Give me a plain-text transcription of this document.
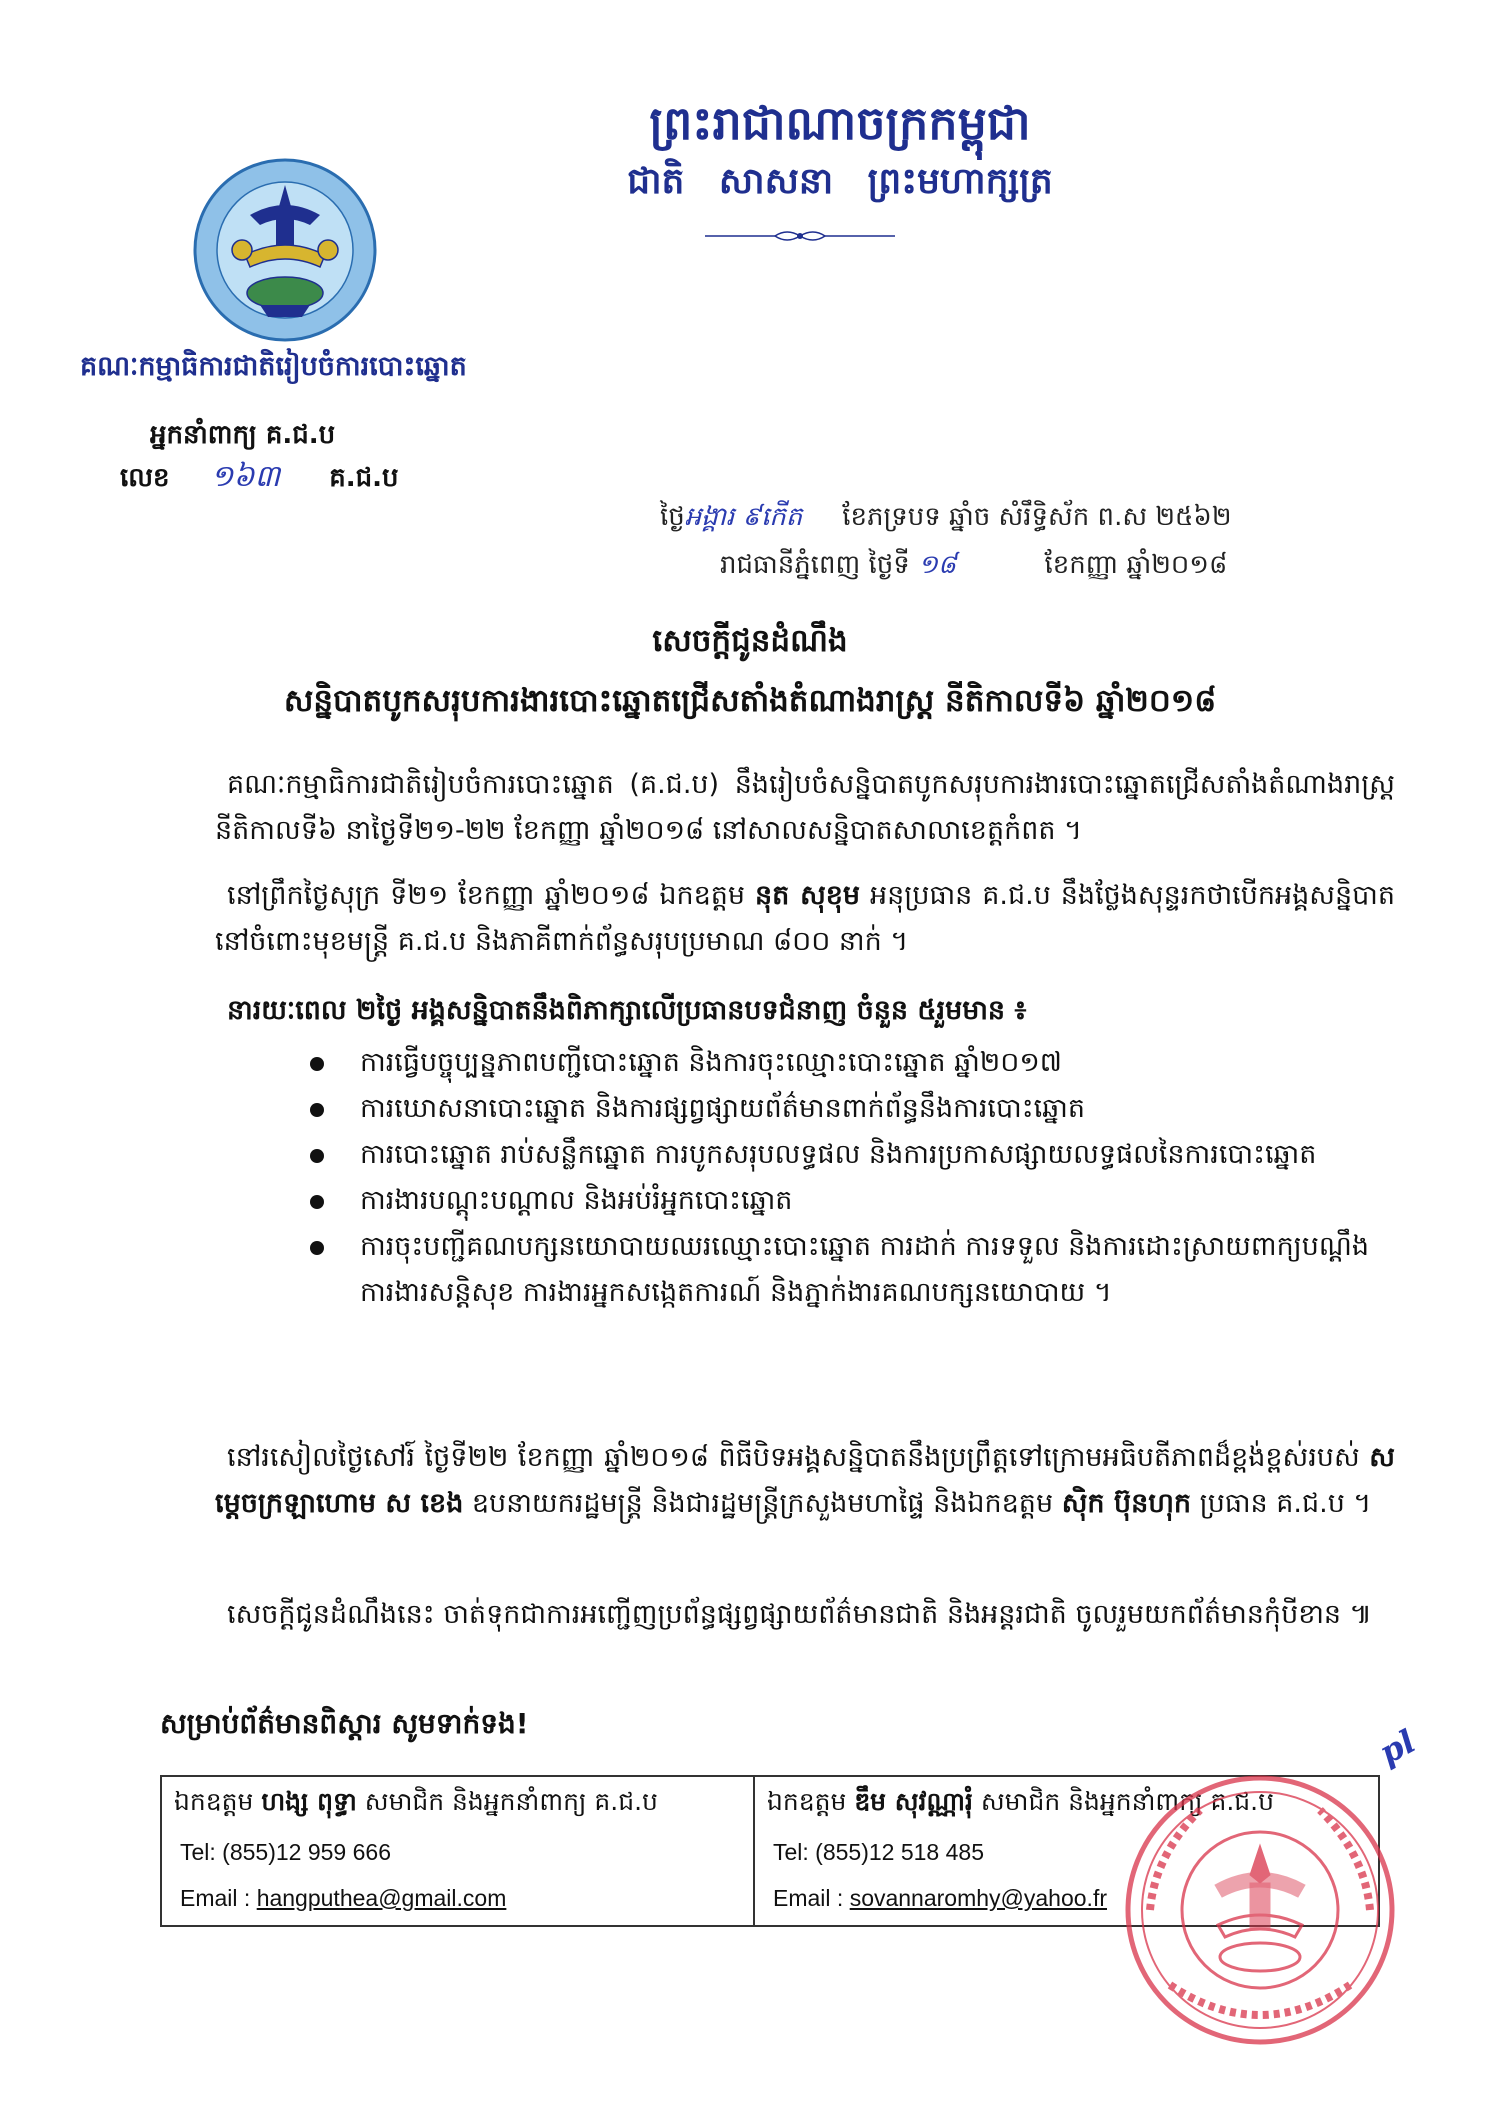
ព្រះរាជាណាចក្រកម្ពុជា
ជាតិ សាសនា ព្រះមហាក្សត្រ
គណៈកម្មាធិការជាតិរៀបចំការបោះឆ្នោត
អ្នកនាំពាក្យ គ.ជ.ប
លេខ ១៦៣ គ.ជ.ប
ថ្ងៃអង្គារ ៩កើត ខែភទ្របទ ឆ្នាំច សំរឹទ្ធិស័ក ព.ស ២៥៦២
រាជធានីភ្នំពេញ ថ្ងៃទី ១៨	ខែកញ្ញា ឆ្នាំ២០១៨
សេចក្តីជូនដំណឹង
សន្និបាតបូកសរុបការងារបោះឆ្នោតជ្រើសតាំងតំណាងរាស្ត្រ នីតិកាលទី៦ ឆ្នាំ២០១៨
គណៈកម្មាធិការជាតិរៀបចំការបោះឆ្នោត (គ.ជ.ប) នឹងរៀបចំសន្និបាតបូកសរុបការងារបោះឆ្នោតជ្រើសតាំងតំណាងរាស្ត្រ នីតិកាលទី៦ នាថ្ងៃទី២១-២២ ខែកញ្ញា ឆ្នាំ២០១៨ នៅសាលសន្និបាតសាលាខេត្តកំពត ។
នៅព្រឹកថ្ងៃសុក្រ ទី២១ ខែកញ្ញា ឆ្នាំ២០១៨ ឯកឧត្តម នុត សុខុម អនុប្រធាន គ.ជ.ប នឹងថ្លែងសុន្ទរកថាបើកអង្គសន្និបាតនៅចំពោះមុខមន្ត្រី គ.ជ.ប និងភាគីពាក់ព័ន្ធសរុបប្រមាណ ៨០០ នាក់ ។
នារយៈពេល ២ថ្ងៃ អង្គសន្និបាតនឹងពិភាក្សាលើប្រធានបទជំនាញ ចំនួន ៥រួមមាន ៖
ការធ្វើបច្ចុប្បន្នភាពបញ្ជីបោះឆ្នោត និងការចុះឈ្មោះបោះឆ្នោត ឆ្នាំ២០១៧
ការឃោសនាបោះឆ្នោត និងការផ្សព្វផ្សាយព័ត៌មានពាក់ព័ន្ធនឹងការបោះឆ្នោត
ការបោះឆ្នោត រាប់សន្លឹកឆ្នោត ការបូកសរុបលទ្ធផល និងការប្រកាសផ្សាយលទ្ធផលនៃការបោះឆ្នោត
ការងារបណ្តុះបណ្តាល និងអប់រំអ្នកបោះឆ្នោត
ការចុះបញ្ជីគណបក្សនយោបាយឈរឈ្មោះបោះឆ្នោត ការដាក់ ការទទួល និងការដោះស្រាយពាក្យបណ្តឹង ការងារសន្តិសុខ ការងារអ្នកសង្កេតការណ៍ និងភ្នាក់ងារគណបក្សនយោបាយ ។
នៅរសៀលថ្ងៃសៅរ៍ ថ្ងៃទី២២ ខែកញ្ញា ឆ្នាំ២០១៨ ពិធីបិទអង្គសន្និបាតនឹងប្រព្រឹត្តទៅក្រោមអធិបតីភាពដ៏ខ្ពង់ខ្ពស់របស់ សម្តេចក្រឡាហោម ស ខេង ឧបនាយករដ្ឋមន្ត្រី និងជារដ្ឋមន្ត្រីក្រសួងមហាផ្ទៃ និងឯកឧត្តម ស៊ិក ប៊ុនហុក ប្រធាន គ.ជ.ប ។
សេចក្តីជូនដំណឹងនេះ ចាត់ទុកជាការអញ្ជើញប្រព័ន្ធផ្សព្វផ្សាយព័ត៌មានជាតិ និងអន្តរជាតិ ចូលរួមយកព័ត៌មានកុំបីខាន ៕
សម្រាប់ព័ត៌មានពិស្តារ សូមទាក់ទង!
ឯកឧត្តម ហង្ស ពុទ្ធា សមាជិក និងអ្នកនាំពាក្យ គ.ជ.ប
Tel: (855)12 959 666
Email : hangputhea@gmail.com
ឯកឧត្តម ឌឹម សុវណ្ណារុំ សមាជិក និងអ្នកនាំពាក្យ គ.ជ.ប
Tel: (855)12 518 485
Email : sovannaromhy@yahoo.fr
pl
